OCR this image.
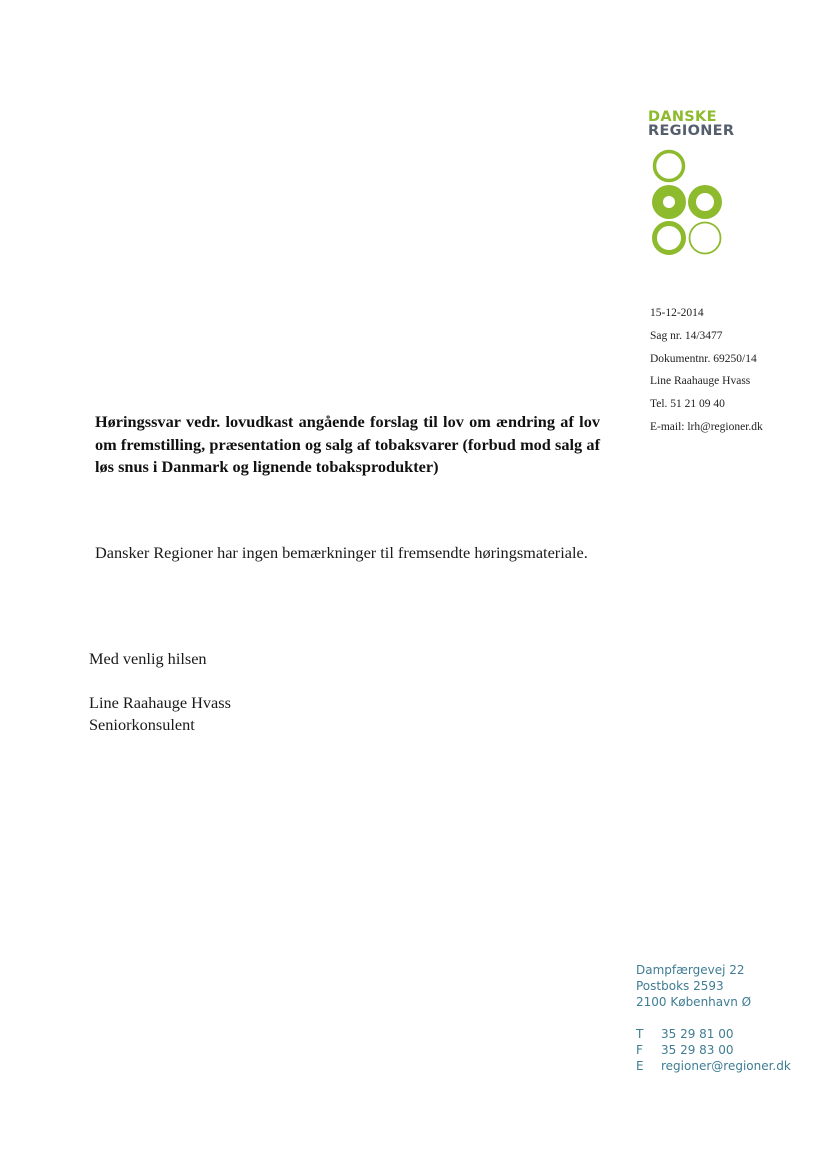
DANSKE
REGIONER
15-12-2014
Sag nr. 14/3477
Dokumentnr. 69250/14
Line Raahauge Hvass
Tel. 51 21 09 40
E-mail: lrh@regioner.dk
Høringssvar vedr. lovudkast angående forslag til lov om ændring af lov om fremstilling, præsentation og salg af tobaksvarer (forbud mod salg af løs snus i Danmark og lignende tobaksprodukter)
Dansker Regioner har ingen bemærkninger til fremsendte høringsmateriale.
Med venlig hilsen
Line Raahauge Hvass
Seniorkonsulent
Dampfærgevej 22
Postboks 2593
2100 København Ø
T 35 29 81 00
F 35 29 83 00
E regioner@regioner.dk
